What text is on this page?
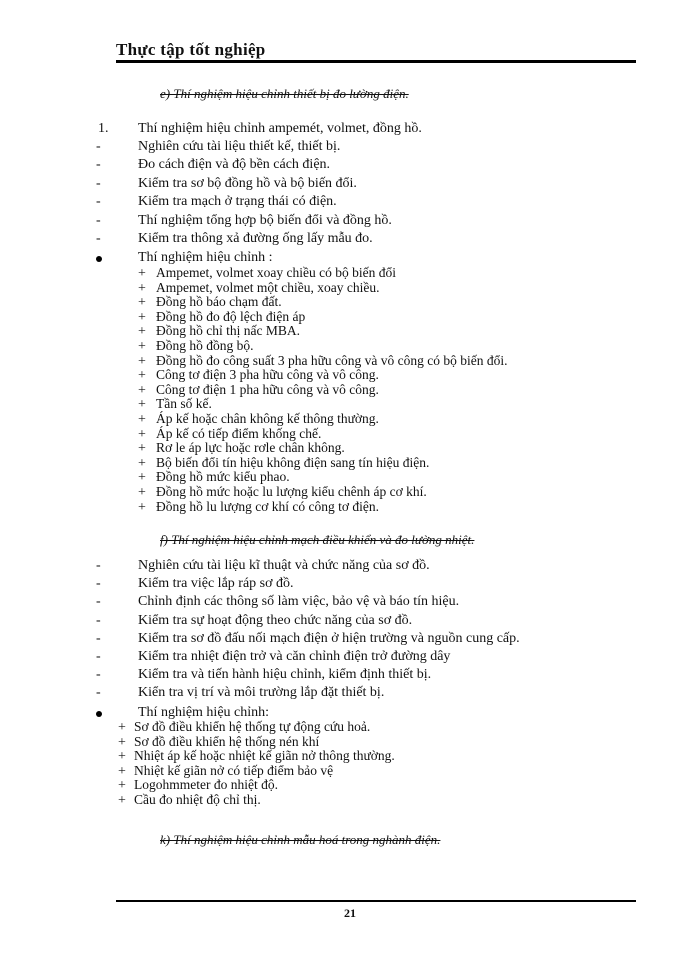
Thực tập tốt nghiệp
e) Thí nghiệm hiệu chỉnh thiết bị đo lường điện.
1. Thí nghiệm hiệu chỉnh ampemét, volmet, đồng hồ.
-	Nghiên cứu tài liệu thiết kế, thiết bị.
-	Đo cách điện và độ bền cách điện.
-	Kiểm tra sơ bộ đồng hồ và bộ biến đổi.
-	Kiểm tra mạch ở trạng thái có điện.
-	Thí nghiệm tổng hợp bộ biến đổi và đồng hồ.
-	Kiểm tra thông xả đường ống lấy mẫu đo.
Thí nghiệm hiệu chỉnh :
+ Ampemet, volmet xoay chiều có bộ biến đổi
+ Ampemet, volmet một chiều, xoay chiều.
+ Đồng hồ báo chạm đất.
+ Đồng hồ đo độ lệch điện áp
+ Đồng hồ chỉ thị nấc MBA.
+ Đồng hồ đồng bộ.
+ Đồng hồ đo công suất 3 pha hữu công và vô công có bộ biến đổi.
+ Công tơ điện 3 pha hữu công và vô công.
+ Công tơ điện 1 pha hữu công và vô công.
+ Tần số kế.
+ Áp kế hoặc chân không kế thông thường.
+ Áp kế có tiếp điểm khống chế.
+ Rơ le áp lực hoặc rơle chân không.
+ Bộ biến đổi tín hiệu không điện sang tín hiệu điện.
+ Đồng hồ mức kiểu phao.
+ Đồng hồ mức hoặc lu lượng kiểu chênh áp cơ khí.
+ Đồng hồ lu lượng cơ khí có công tơ điện.
f) Thí nghiệm hiệu chỉnh mạch điều khiển và đo lường nhiệt.
-	Nghiên cứu tài liệu kĩ thuật và chức năng của sơ đồ.
-	Kiểm tra việc lắp ráp sơ đồ.
-	Chỉnh định các thông số làm việc, bảo vệ và báo tín hiệu.
-	Kiểm tra sự hoạt động theo chức năng của sơ đồ.
-	Kiểm tra sơ đồ đấu nối mạch điện ở hiện trường và nguồn cung cấp.
-	Kiểm tra nhiệt điện trở và căn chỉnh điện trở đường dây
-	Kiểm tra và tiến hành hiệu chỉnh, kiểm định thiết bị.
-	Kiển tra vị trí và môi trường lắp đặt thiết bị.
Thí nghiệm hiệu chỉnh:
+ Sơ đồ điều khiển hệ thống tự động cứu hoả.
+ Sơ đồ điều khiển hệ thống nén khí
+ Nhiệt áp kế hoặc nhiệt kế giãn nở thông thường.
+ Nhiệt kế giãn nở có tiếp điểm bảo vệ
+ Logohmmeter đo nhiệt độ.
+ Cầu đo nhiệt độ chỉ thị.
k) Thí nghiệm hiệu chỉnh mẫu hoá trong nghành điện.
21
